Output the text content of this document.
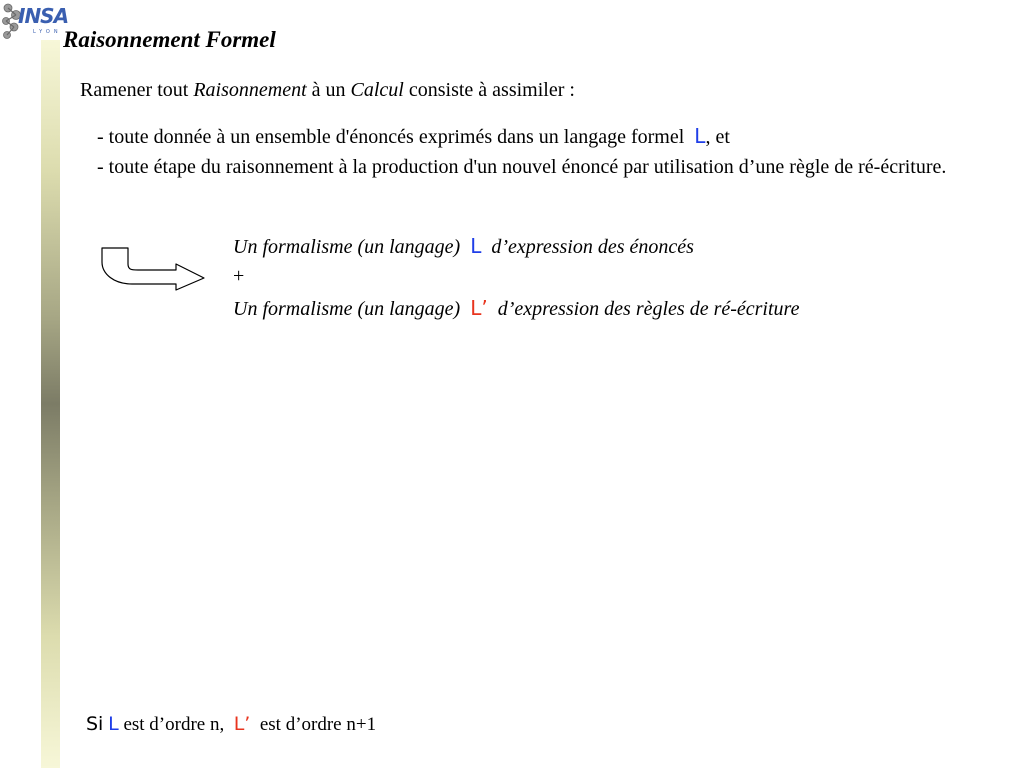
INSA
LYON Raisonnement Formel

Ramener tout Raisonnement à un Calcul consiste à assimiler :

- toute donnée à un ensemble d'énoncés exprimés dans un langage formel L, et

- toute étape du raisonnement à la production d'un nouvel énoncé par utilisation d’une règle de ré-écriture.

Un formalisme (un langage) L d’expression des énoncés

+

Un formalisme (un langage) L’ d’expression des règles de ré-écriture

Si L est d’ordre n, L’ est d’ordre n+1
